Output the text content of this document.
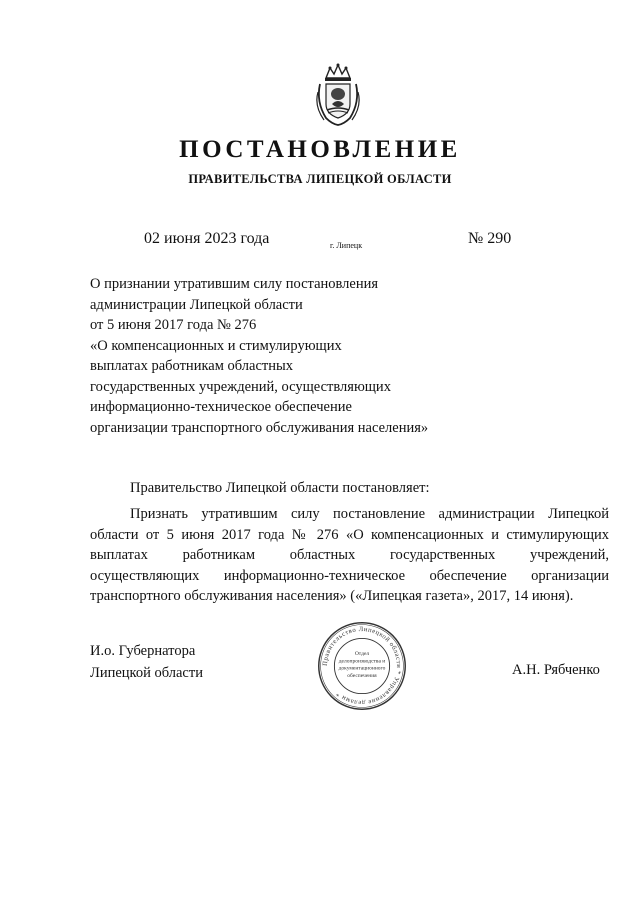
ПОСТАНОВЛЕНИЕ
ПРАВИТЕЛЬСТВА ЛИПЕЦКОЙ ОБЛАСТИ
02 июня 2023 года	г. Липецк	№ 290
О признании утратившим силу постановления
администрации Липецкой области
от 5 июня 2017 года № 276
«О компенсационных и стимулирующих
выплатах работникам областных
государственных учреждений, осуществляющих
информационно-техническое обеспечение
организации транспортного обслуживания населения»
Правительство Липецкой области постановляет:
Признать утратившим силу постановление администрации Липецкой
области от 5 июня 2017 года № 276 «О компенсационных и стимулирующих
выплатах работникам областных государственных учреждений,
осуществляющих информационно-техническое обеспечение организации
транспортного обслуживания населения» («Липецкая газета», 2017, 14 июня).
И.о. Губернатора
Липецкой области	А.Н. Рябченко
Правительство Липецкой области * Управление делами *
Отдел
делопроизводства и
документационного
обеспечения
